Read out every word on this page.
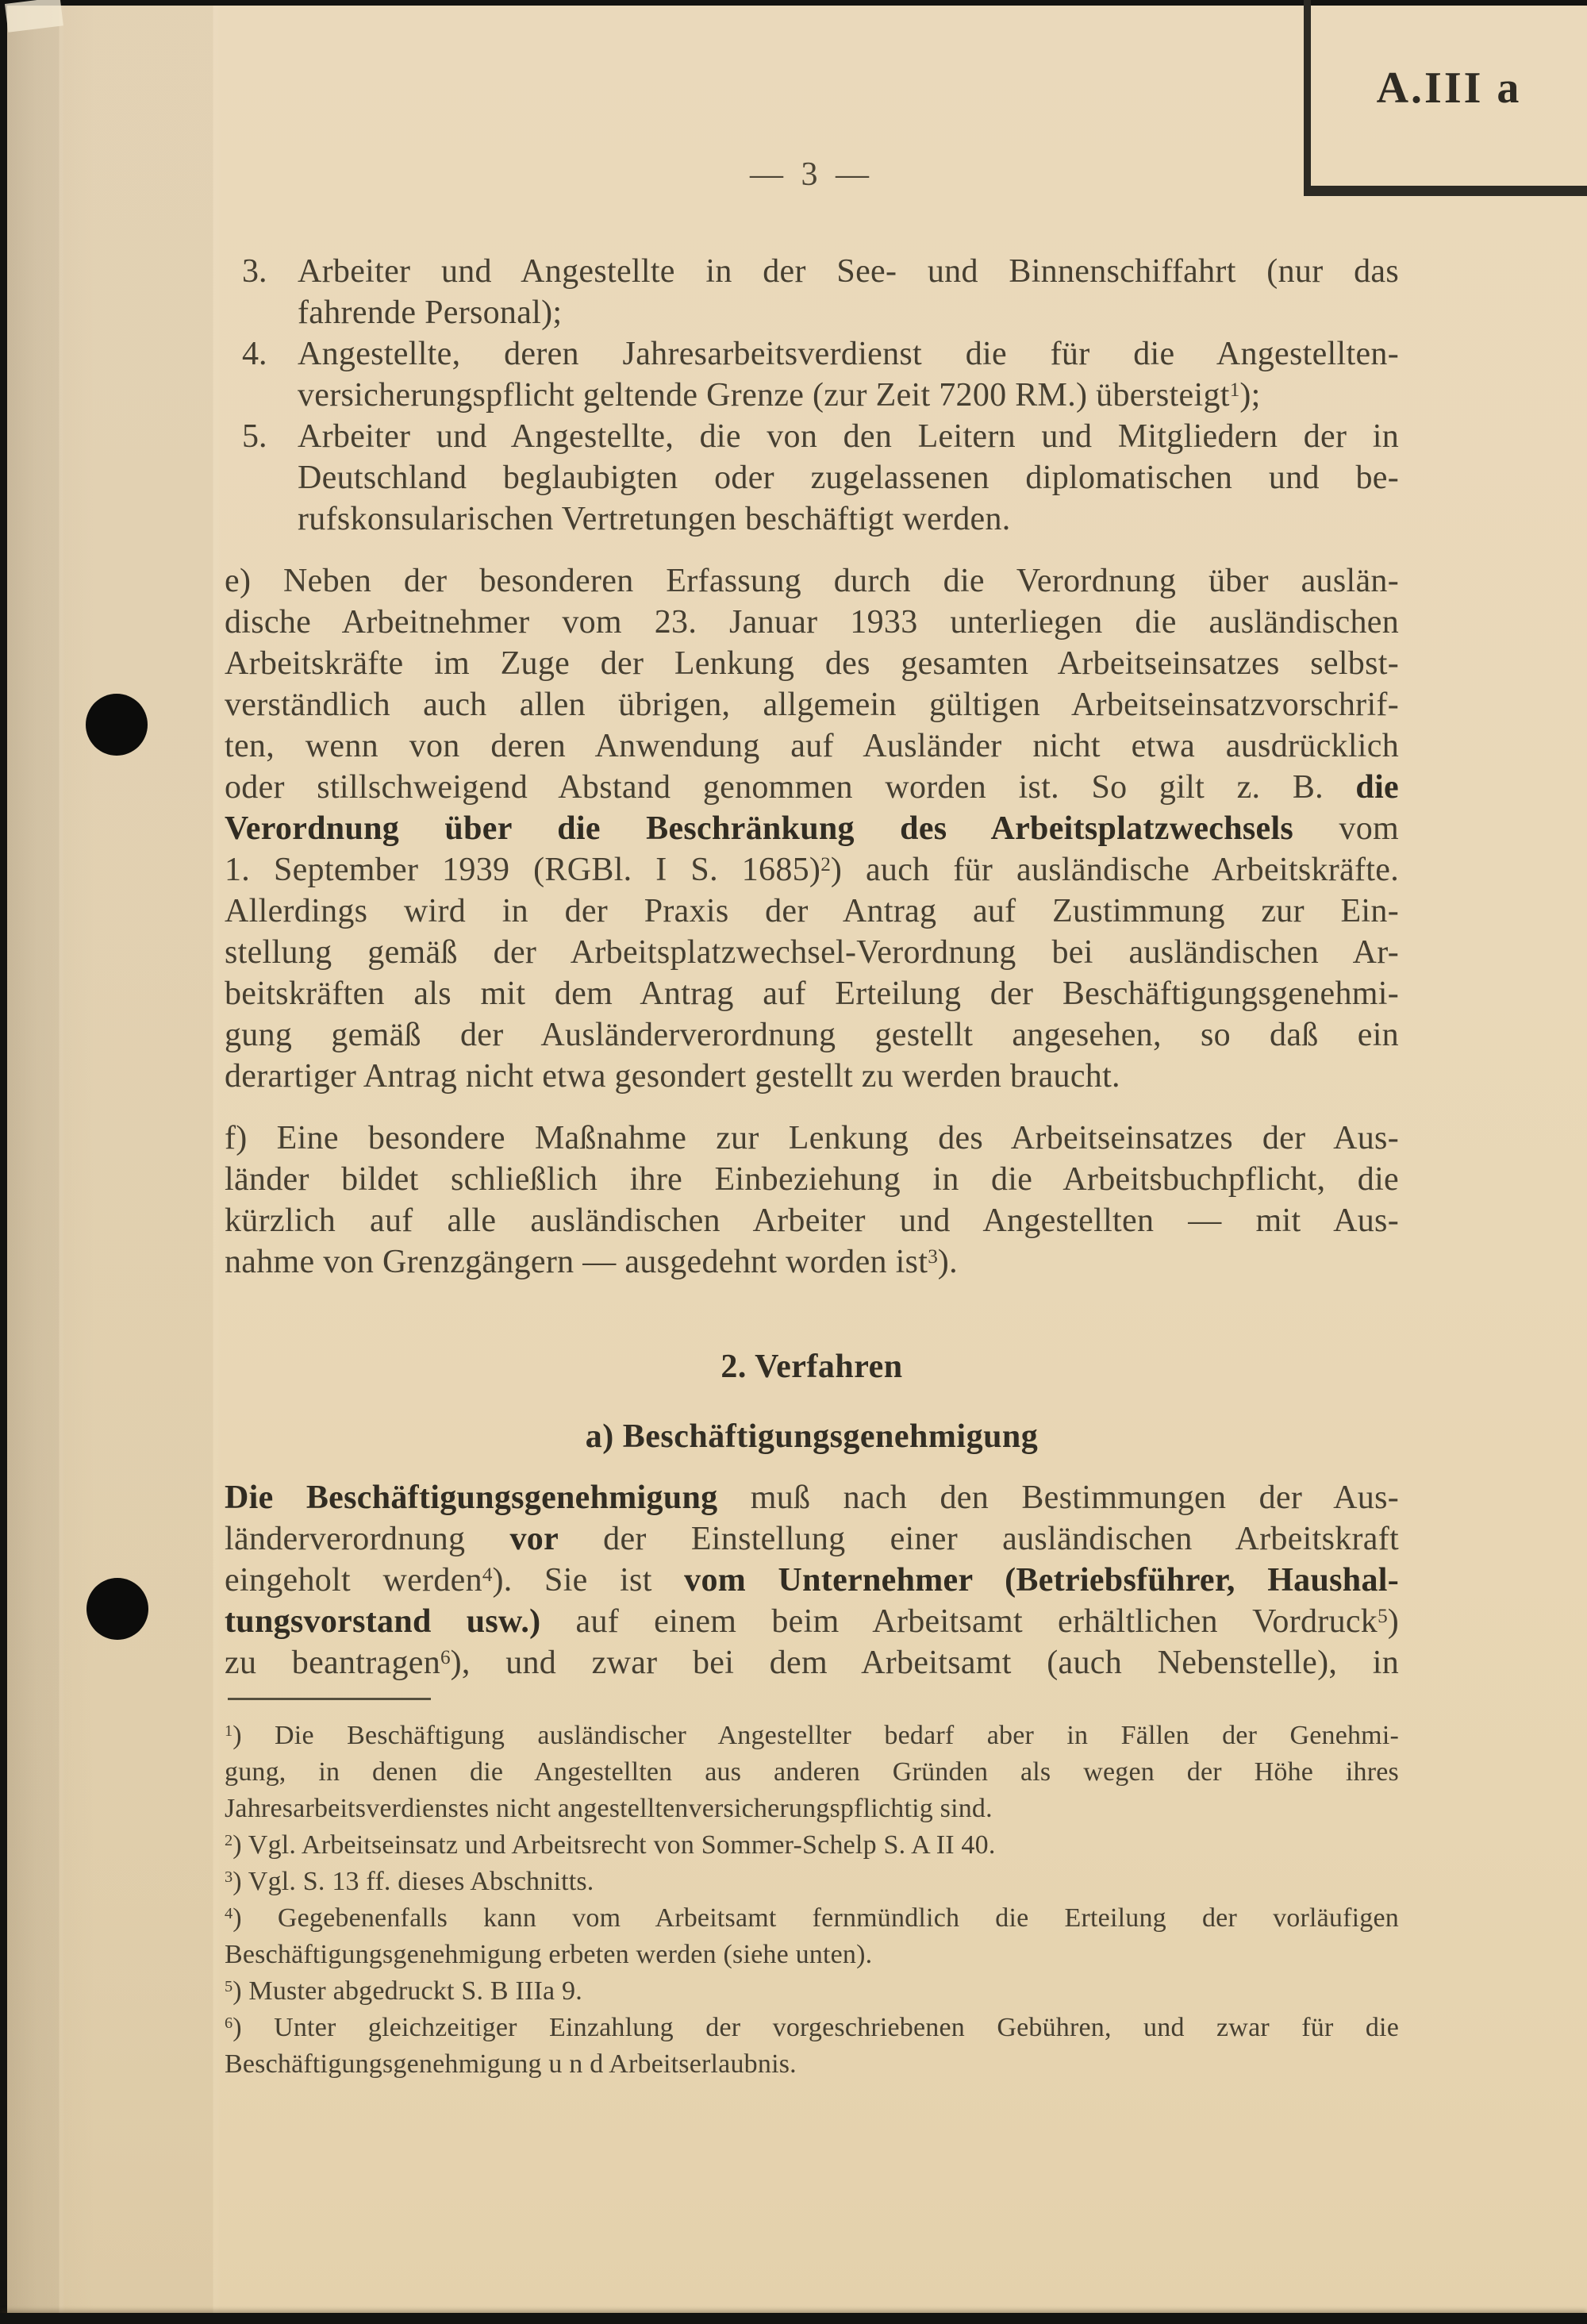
A.III a
— 3 —
3. Arbeiter und Angestellte in der See- und Binnenschiffahrt (nur das
fahrende Personal);
4. Angestellte, deren Jahresarbeitsverdienst die für die Angestellten-
versicherungspflicht geltende Grenze (zur Zeit 7200 RM.) übersteigt$^1$);
5. Arbeiter und Angestellte, die von den Leitern und Mitgliedern der in
Deutschland beglaubigten oder zugelassenen diplomatischen und be-
rufskonsularischen Vertretungen beschäftigt werden.
e) Neben der besonderen Erfassung durch die Verordnung über auslän-
dische Arbeitnehmer vom 23. Januar 1933 unterliegen die ausländischen
Arbeitskräfte im Zuge der Lenkung des gesamten Arbeitseinsatzes selbst-
verständlich auch allen übrigen, allgemein gültigen Arbeitseinsatzvorschrif-
ten, wenn von deren Anwendung auf Ausländer nicht etwa ausdrücklich
oder stillschweigend Abstand genommen worden ist. So gilt z. B. die
Verordnung über die Beschränkung des Arbeitsplatzwechsels vom
1. September 1939 (RGBl. I S. 1685)$^2$) auch für ausländische Arbeitskräfte.
Allerdings wird in der Praxis der Antrag auf Zustimmung zur Ein-
stellung gemäß der Arbeitsplatzwechsel-Verordnung bei ausländischen Ar-
beitskräften als mit dem Antrag auf Erteilung der Beschäftigungsgenehmi-
gung gemäß der Ausländerverordnung gestellt angesehen, so daß ein
derartiger Antrag nicht etwa gesondert gestellt zu werden braucht.
f) Eine besondere Maßnahme zur Lenkung des Arbeitseinsatzes der Aus-
länder bildet schließlich ihre Einbeziehung in die Arbeitsbuchpflicht, die
kürzlich auf alle ausländischen Arbeiter und Angestellten — mit Aus-
nahme von Grenzgängern — ausgedehnt worden ist$^3$).
2. Verfahren
a) Beschäftigungsgenehmigung
Die Beschäftigungsgenehmigung muß nach den Bestimmungen der Aus-
länderverordnung vor der Einstellung einer ausländischen Arbeitskraft
eingeholt werden$^4$). Sie ist vom Unternehmer (Betriebsführer, Haushal-
tungsvorstand usw.) auf einem beim Arbeitsamt erhältlichen Vordruck$^5$)
zu beantragen$^6$), und zwar bei dem Arbeitsamt (auch Nebenstelle), in
$^1$) Die Beschäftigung ausländischer Angestellter bedarf aber in Fällen der Genehmi-
gung, in denen die Angestellten aus anderen Gründen als wegen der Höhe ihres
Jahresarbeitsverdienstes nicht angestelltenversicherungspflichtig sind.
$^2$) Vgl. Arbeitseinsatz und Arbeitsrecht von Sommer-Schelp S. A II 40.
$^3$) Vgl. S. 13 ff. dieses Abschnitts.
$^4$) Gegebenenfalls kann vom Arbeitsamt fernmündlich die Erteilung der vorläufigen
Beschäftigungsgenehmigung erbeten werden (siehe unten).
$^5$) Muster abgedruckt S. B IIIa 9.
$^6$) Unter gleichzeitiger Einzahlung der vorgeschriebenen Gebühren, und zwar für die
Beschäftigungsgenehmigung u n d Arbeitserlaubnis.
